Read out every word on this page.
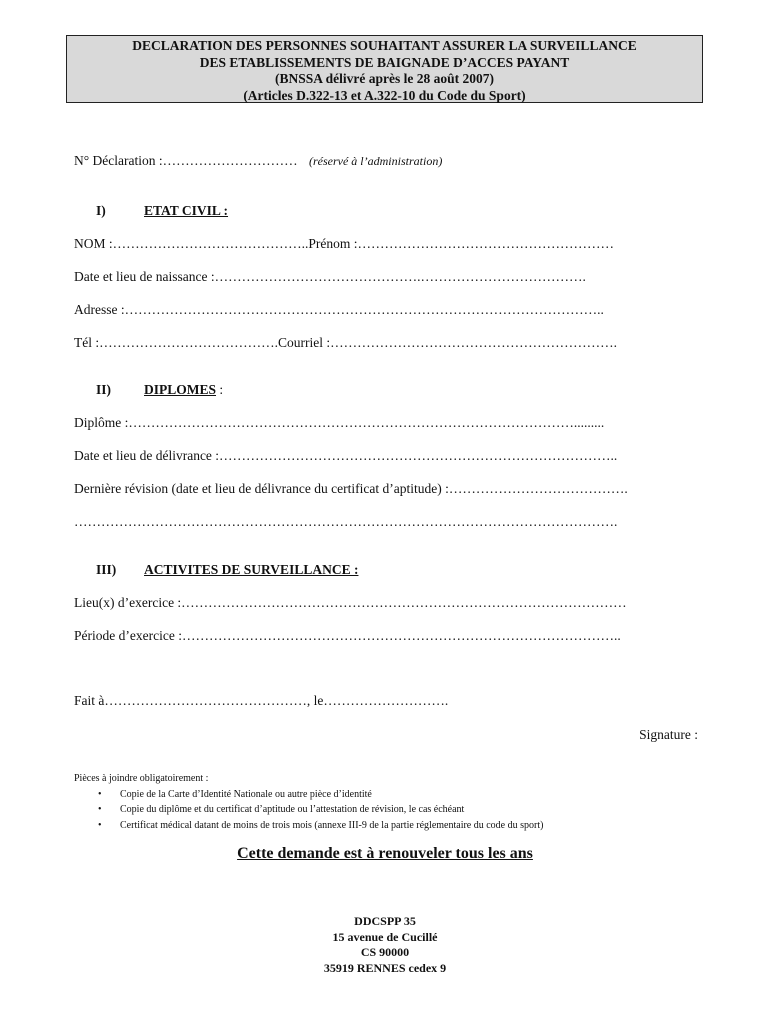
DECLARATION DES PERSONNES SOUHAITANT ASSURER LA SURVEILLANCE
DES ETABLISSEMENTS DE BAIGNADE D’ACCES PAYANT
(BNSSA délivré après le 28 août 2007)
(Articles D.322-13 et A.322-10 du Code du Sport)
N° Déclaration :………………………… (réservé à l’administration)
I)	ETAT CIVIL :
NOM :……………………………………..Prénom :…………………………………………………
Date et lieu de naissance :……………………………………….……………………………….
Adresse :……………………………………………………………………………………………..
Tél :………………………………….Courriel :……………………………………………………….
II) DIPLOMES :
Diplôme :……………………………………………………………………………………….........
Date et lieu de délivrance :……………………………………………………………………………..
Dernière révision (date et lieu de délivrance du certificat d’aptitude) :………………………………….
………………………………………………………………………………………………………….
III) ACTIVITES DE SURVEILLANCE :
Lieu(x) d’exercice :………………………………………………………………………………………
Période d’exercice :……………………………………………………………………………………..
Fait à………………………………………, le……………………….
Signature :
Pièces à joindre obligatoirement :
• Copie de la Carte d’Identité Nationale ou autre pièce d’identité
• Copie du diplôme et du certificat d’aptitude ou l’attestation de révision, le cas échéant
• Certificat médical datant de moins de trois mois (annexe III-9 de la partie réglementaire du code du sport)
Cette demande est à renouveler tous les ans
DDCSPP 35
15 avenue de Cucillé
CS 90000
35919 RENNES cedex 9
